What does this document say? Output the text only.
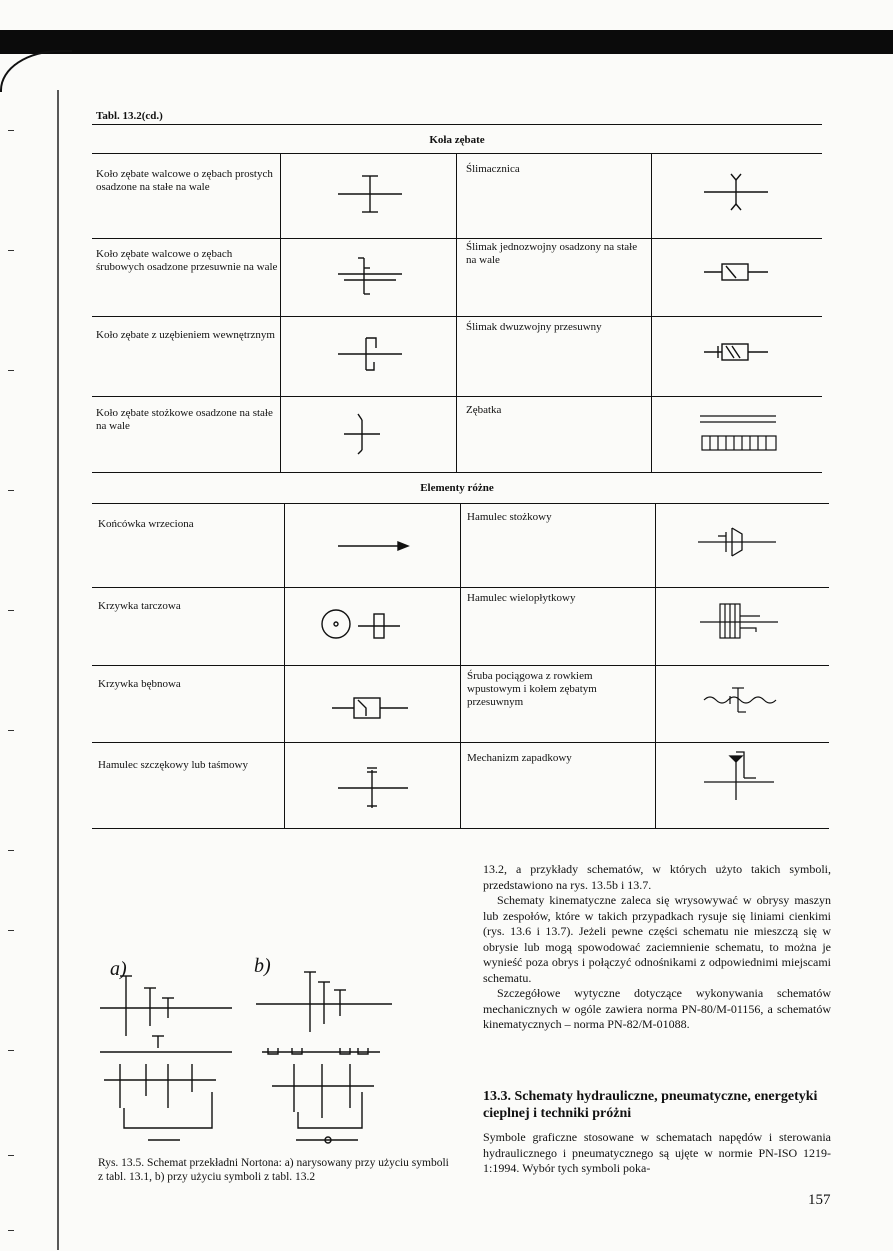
Tabl. 13.2(cd.)
Koła zębate
Elementy różne
Koło zębate walcowe o zębach prostych osadzone na stałe na wale
Ślimacznica
Koło zębate walcowe o zębach śrubowych osadzone przesuwnie na wale
Ślimak jednozwojny osadzony na stałe na wale
Koło zębate z uzębieniem wewnętrznym
Ślimak dwuzwojny przesuwny
Koło zębate stożkowe osadzone na stałe na wale
Zębatka
Końcówka wrzeciona
Hamulec stożkowy
Krzywka tarczowa
Hamulec wielopłytkowy
Krzywka bębnowa
Śruba pociągowa z rowkiem wpustowym i kołem zębatym przesuwnym
Hamulec szczękowy lub taśmowy
Mechanizm zapadkowy
a)	b)
Rys. 13.5. Schemat przekładni Nortona: a) narysowany przy użyciu symboli z tabl. 13.1, b) przy użyciu symboli z tabl. 13.2

13.2, a przykłady schematów, w których użyto takich symboli, przedstawiono na rys. 13.5b i 13.7.

Schematy kinematyczne zaleca się wrysowywać w obrysy maszyn lub zespołów, które w takich przypadkach rysuje się liniami cienkimi (rys. 13.6 i 13.7). Jeżeli pewne części schematu nie mieszczą się w obrysie lub mogą spowodować zaciemnienie schematu, to można je wynieść poza obrys i połączyć odnośnikami z odpowiednimi miejscami schematu.

Szczegółowe wytyczne dotyczące wykonywania schematów mechanicznych w ogóle zawiera norma PN-80/M-01156, a schematów kinematycznych – norma PN-82/M-01088.

13.3. Schematy hydrauliczne, pneumatyczne, energetyki cieplnej i techniki próżni
Symbole graficzne stosowane w schematach napędów i sterowania hydraulicznego i pneumatycznego są ujęte w normie PN-ISO 1219-1:1994. Wybór tych symboli poka-
157
